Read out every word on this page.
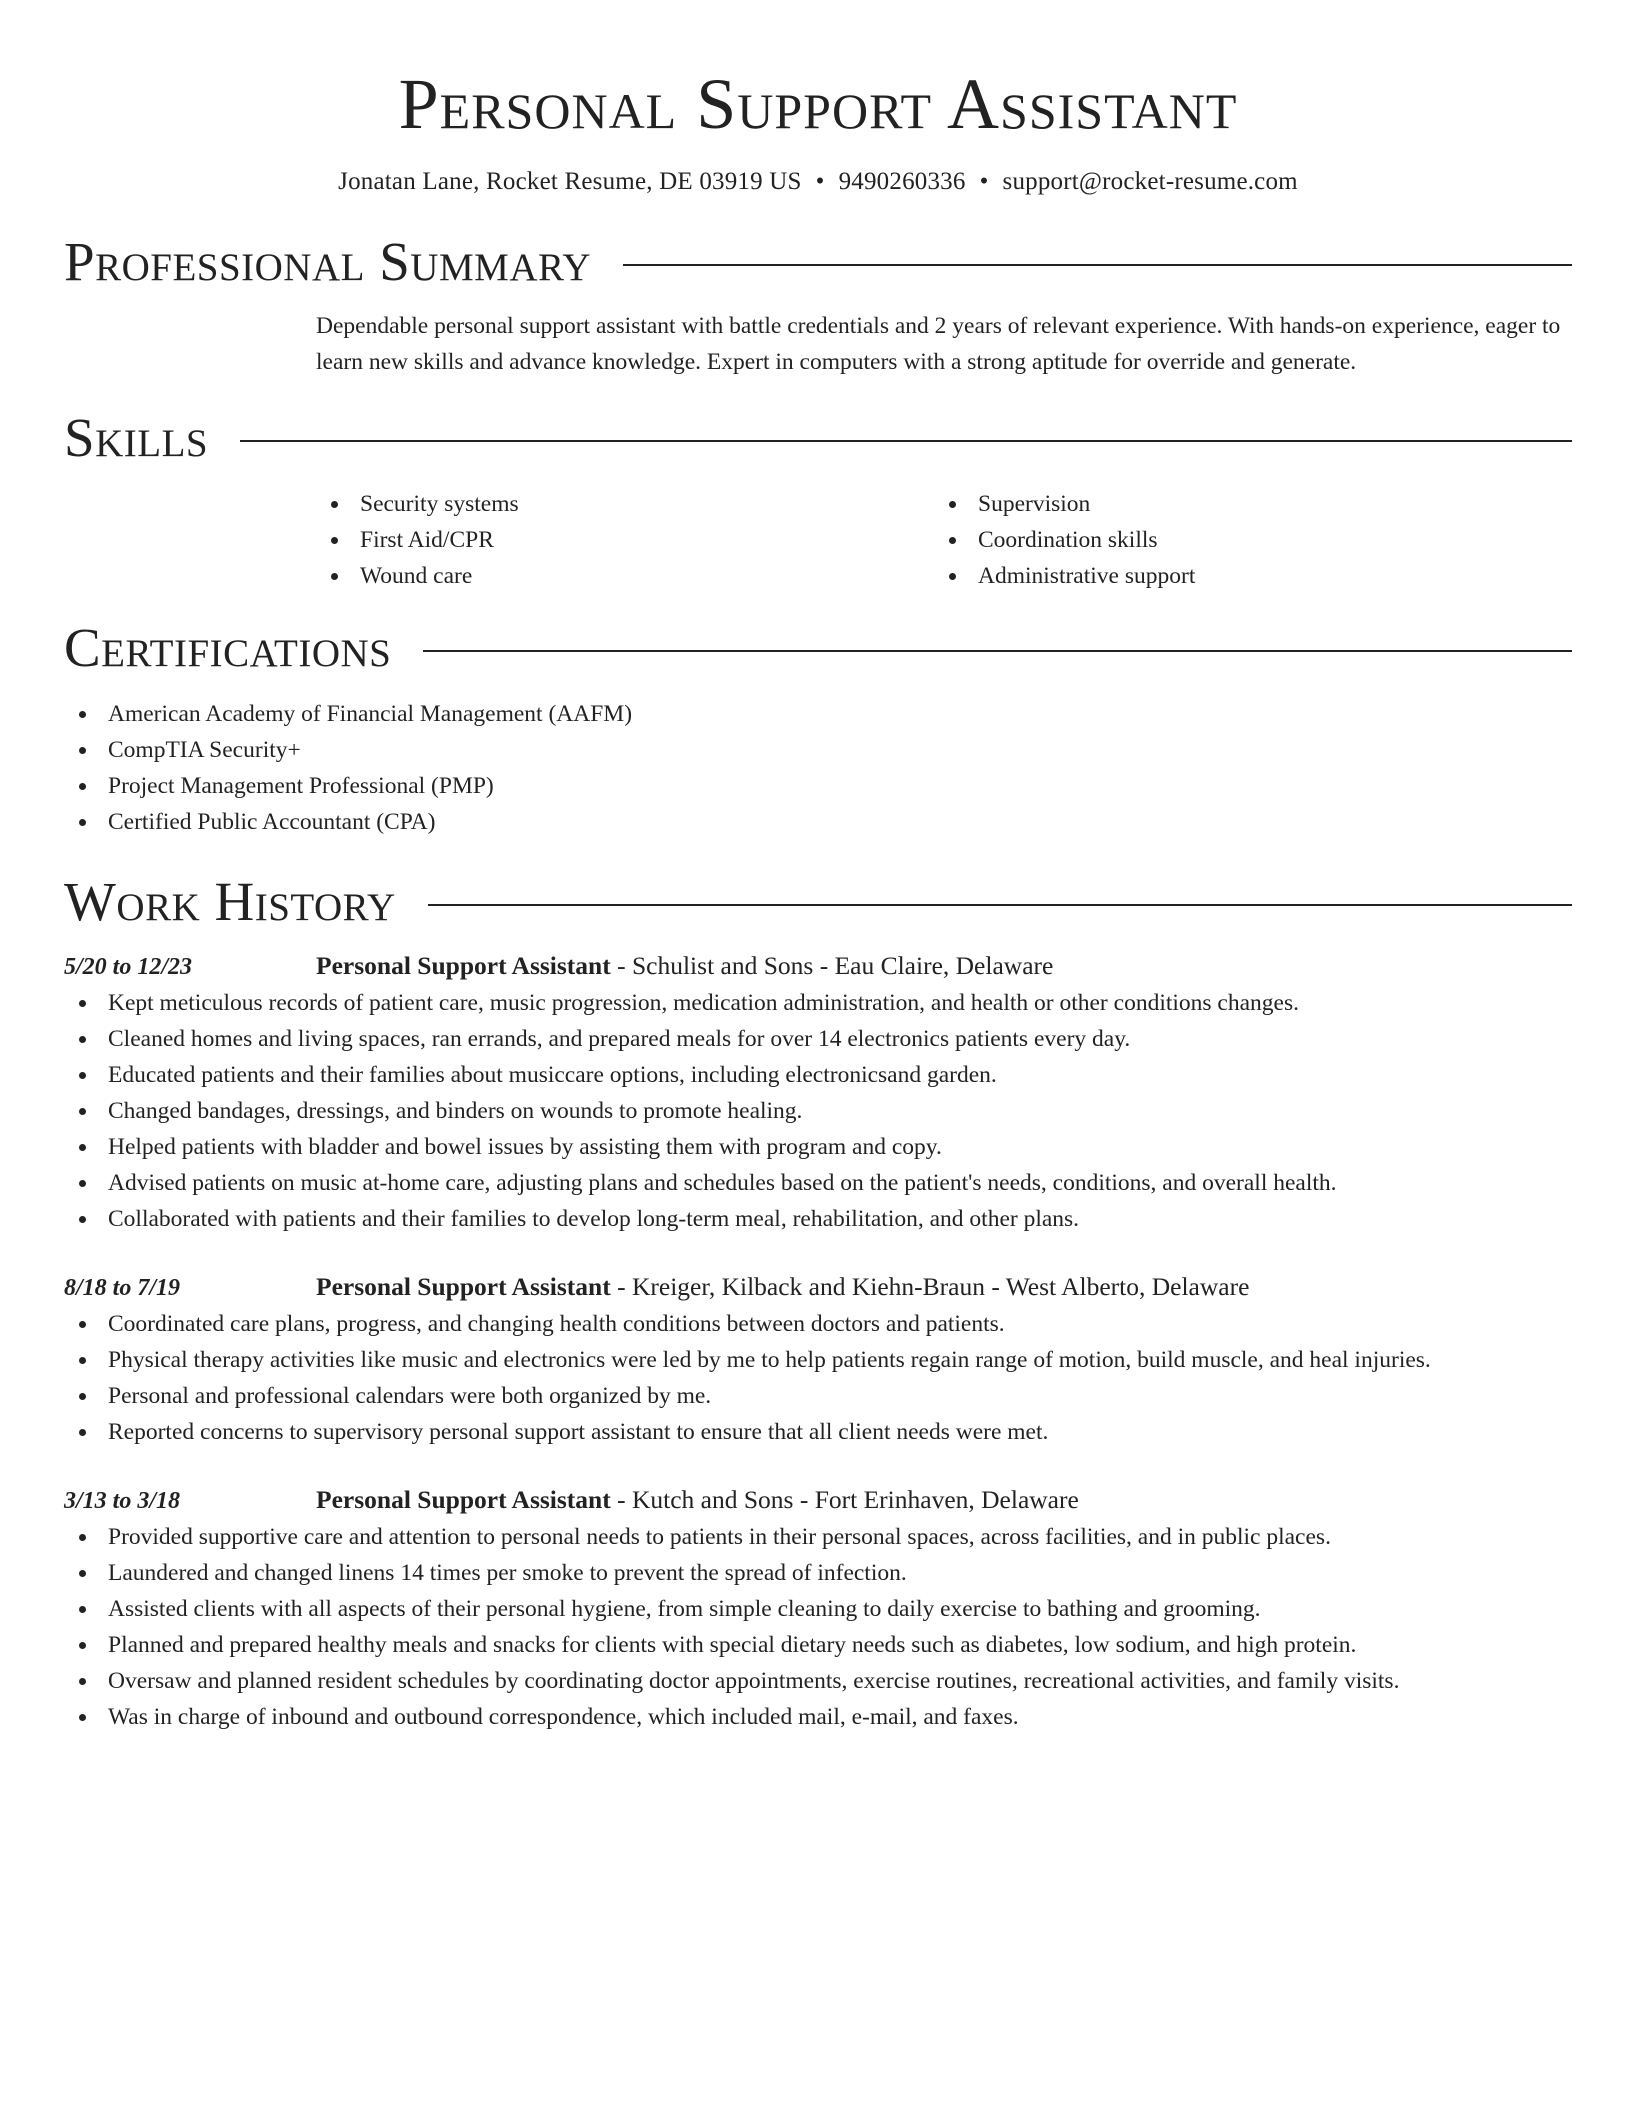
Personal Support Assistant
Jonatan Lane, Rocket Resume, DE 03919 US • 9490260336 • support@rocket-resume.com
Professional Summary
Dependable personal support assistant with battle credentials and 2 years of relevant experience. With hands-on experience, eager to learn new skills and advance knowledge. Expert in computers with a strong aptitude for override and generate.
Skills
Security systems
First Aid/CPR
Wound care
Supervision
Coordination skills
Administrative support
Certifications
American Academy of Financial Management (AAFM)
CompTIA Security+
Project Management Professional (PMP)
Certified Public Accountant (CPA)
Work History
5/20 to 12/23	Personal Support Assistant - Schulist and Sons - Eau Claire, Delaware
Kept meticulous records of patient care, music progression, medication administration, and health or other conditions changes.
Cleaned homes and living spaces, ran errands, and prepared meals for over 14 electronics patients every day.
Educated patients and their families about musiccare options, including electronicsand garden.
Changed bandages, dressings, and binders on wounds to promote healing.
Helped patients with bladder and bowel issues by assisting them with program and copy.
Advised patients on music at-home care, adjusting plans and schedules based on the patient's needs, conditions, and overall health.
Collaborated with patients and their families to develop long-term meal, rehabilitation, and other plans.
8/18 to 7/19	Personal Support Assistant - Kreiger, Kilback and Kiehn-Braun - West Alberto, Delaware
Coordinated care plans, progress, and changing health conditions between doctors and patients.
Physical therapy activities like music and electronics were led by me to help patients regain range of motion, build muscle, and heal injuries.
Personal and professional calendars were both organized by me.
Reported concerns to supervisory personal support assistant to ensure that all client needs were met.
3/13 to 3/18	Personal Support Assistant - Kutch and Sons - Fort Erinhaven, Delaware
Provided supportive care and attention to personal needs to patients in their personal spaces, across facilities, and in public places.
Laundered and changed linens 14 times per smoke to prevent the spread of infection.
Assisted clients with all aspects of their personal hygiene, from simple cleaning to daily exercise to bathing and grooming.
Planned and prepared healthy meals and snacks for clients with special dietary needs such as diabetes, low sodium, and high protein.
Oversaw and planned resident schedules by coordinating doctor appointments, exercise routines, recreational activities, and family visits.
Was in charge of inbound and outbound correspondence, which included mail, e-mail, and faxes.
